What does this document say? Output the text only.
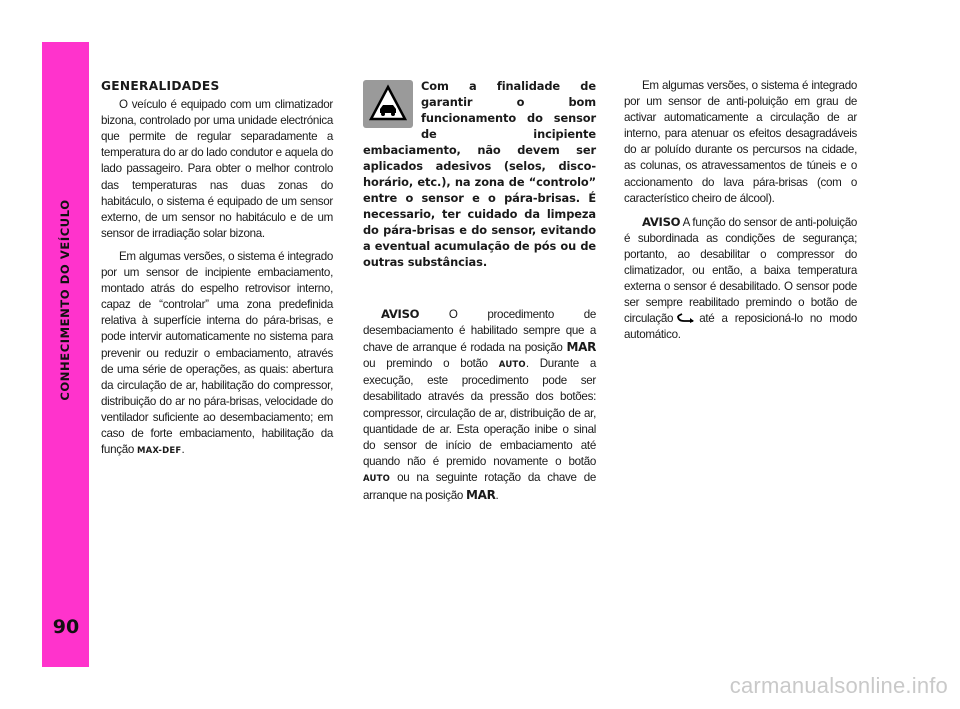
CONHECIMENTO DO VEÍCULO
90
GENERALIDADES

O veículo é equipado com um climatizador bizona, controlado por uma unidade electrónica que permite de regular separadamente a temperatura do ar do lado condutor e aquela do lado passageiro. Para obter o melhor controlo das temperaturas nas duas zonas do habitáculo, o sistema é equipado de um sensor externo, de um sensor no habitáculo e de um sensor de irradiação solar bizona.

Em algumas versões, o sistema é integrado por um sensor de incipiente embaciamento, montado atrás do espelho retrovisor interno, capaz de “controlar” uma zona predefinida relativa à superfície interna do pára-brisas, e pode intervir automaticamente no sistema para prevenir ou reduzir o embaciamento, através de uma série de operações, as quais: abertura da circulação de ar, habilitação do compressor, distribuição do ar no pára-brisas, velocidade do ventilador suficiente ao desembaciamento; em caso de forte embaciamento, habilitação da função MAX-DEF.

Com a finalidade de garantir o bom funcionamento do sensor de incipiente embaciamento, não devem ser aplicados adesivos (selos, disco-horário, etc.), na zona de “controlo” entre o sensor e o pára-brisas. É necessario, ter cuidado da limpeza do pára-brisas e do sensor, evitando a eventual acumulação de pós ou de outras substâncias.

AVISO	O procedimento de desembaciamento é habilitado sempre que a chave de arranque é rodada na posição MAR ou premindo o botão AUTO. Durante a execução, este procedimento pode ser desabilitado através da pressão dos botões: compressor, circulação de ar, distribuição de ar, quantidade de ar. Esta operação inibe o sinal do sensor de início de embaciamento até quando não é premido novamente o botão AUTO ou na seguinte rotação da chave de arranque na posição MAR.

Em algumas versões, o sistema é integrado por um sensor de anti-poluição em grau de activar automaticamente a circulação de ar interno, para atenuar os efeitos desagradáveis do ar poluído durante os percursos na cidade, as colunas, os atravessamentos de túneis e o accionamento do lava pára-brisas (com o característico cheiro de álcool).

AVISO A função do sensor de anti-poluição é subordinada as condições de segurança; portanto, ao desabilitar o compressor do climatizador, ou então, a baixa temperatura externa o sensor é desabilitado. O sensor pode ser sempre reabilitado premindo o botão de circulação até a reposicioná-lo no modo automático.

carmanualsonline.info
